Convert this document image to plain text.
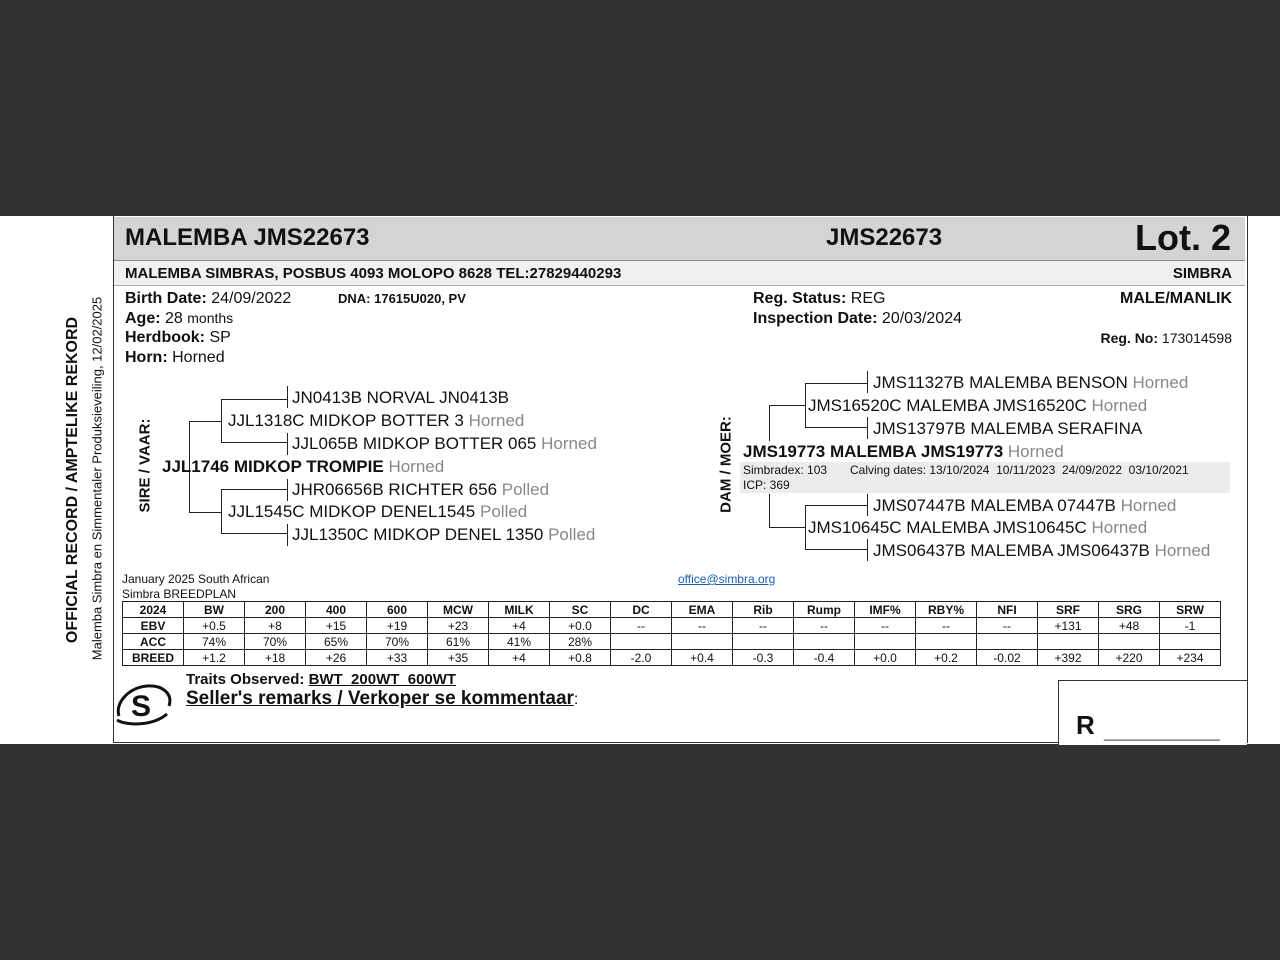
OFFICIAL RECORD / AMPTELIKE REKORD Malemba Simbra en Simmentaler Produksieveiling, 12/02/2025
MALEMBA JMS22673	JMS22673	Lot. 2
MALEMBA SIMBRAS, POSBUS 4093 MOLOPO 8628 TEL:27829440293	SIMBRA
Birth Date: 24/09/2022	DNA: 17615U020, PV
Age: 28 months
Herdbook: SP
Horn: Horned
Reg. Status: REG
Inspection Date: 20/03/2024
MALE/MANLIK
Reg. No: 173014598
SIRE / VAAR:
JN0413B NORVAL JN0413B
JJL1318C MIDKOP BOTTER 3 Horned
JJL065B MIDKOP BOTTER 065 Horned
JJL1746 MIDKOP TROMPIE Horned
JHR06656B RICHTER 656 Polled
JJL1545C MIDKOP DENEL1545 Polled
JJL1350C MIDKOP DENEL 1350 Polled
DAM / MOER:
JMS11327B MALEMBA BENSON Horned
JMS16520C MALEMBA JMS16520C Horned
JMS13797B MALEMBA SERAFINA
JMS19773 MALEMBA JMS19773 Horned
Simbradex: 103 Calving dates: 13/10/2024  10/11/2023  24/09/2022  03/10/2021
ICP: 369
JMS07447B MALEMBA 07447B Horned
JMS10645C MALEMBA JMS10645C Horned
JMS06437B MALEMBA JMS06437B Horned
January 2025 South African
Simbra BREEDPLAN
office@simbra.org
2024	BW	200	400	600	MCW	MILK	SC	DC	EMA	Rib	Rump	IMF%	RBY%	NFI	SRF	SRG	SRW
EBV	+0.5	+8	+15	+19	+23	+4	+0.0	--	--	--	--	--	--	--	+131	+48	-1
ACC	74%	70%	65%	70%	61%	41%	28%										
BREED	+1.2	+18	+26	+33	+35	+4	+0.8	-2.0	+0.4	-0.3	-0.4	+0.0	+0.2	-0.02	+392	+220	+234
S
Traits Observed: BWT  200WT  600WT
Seller's remarks / Verkoper se kommentaar:
R ________________
